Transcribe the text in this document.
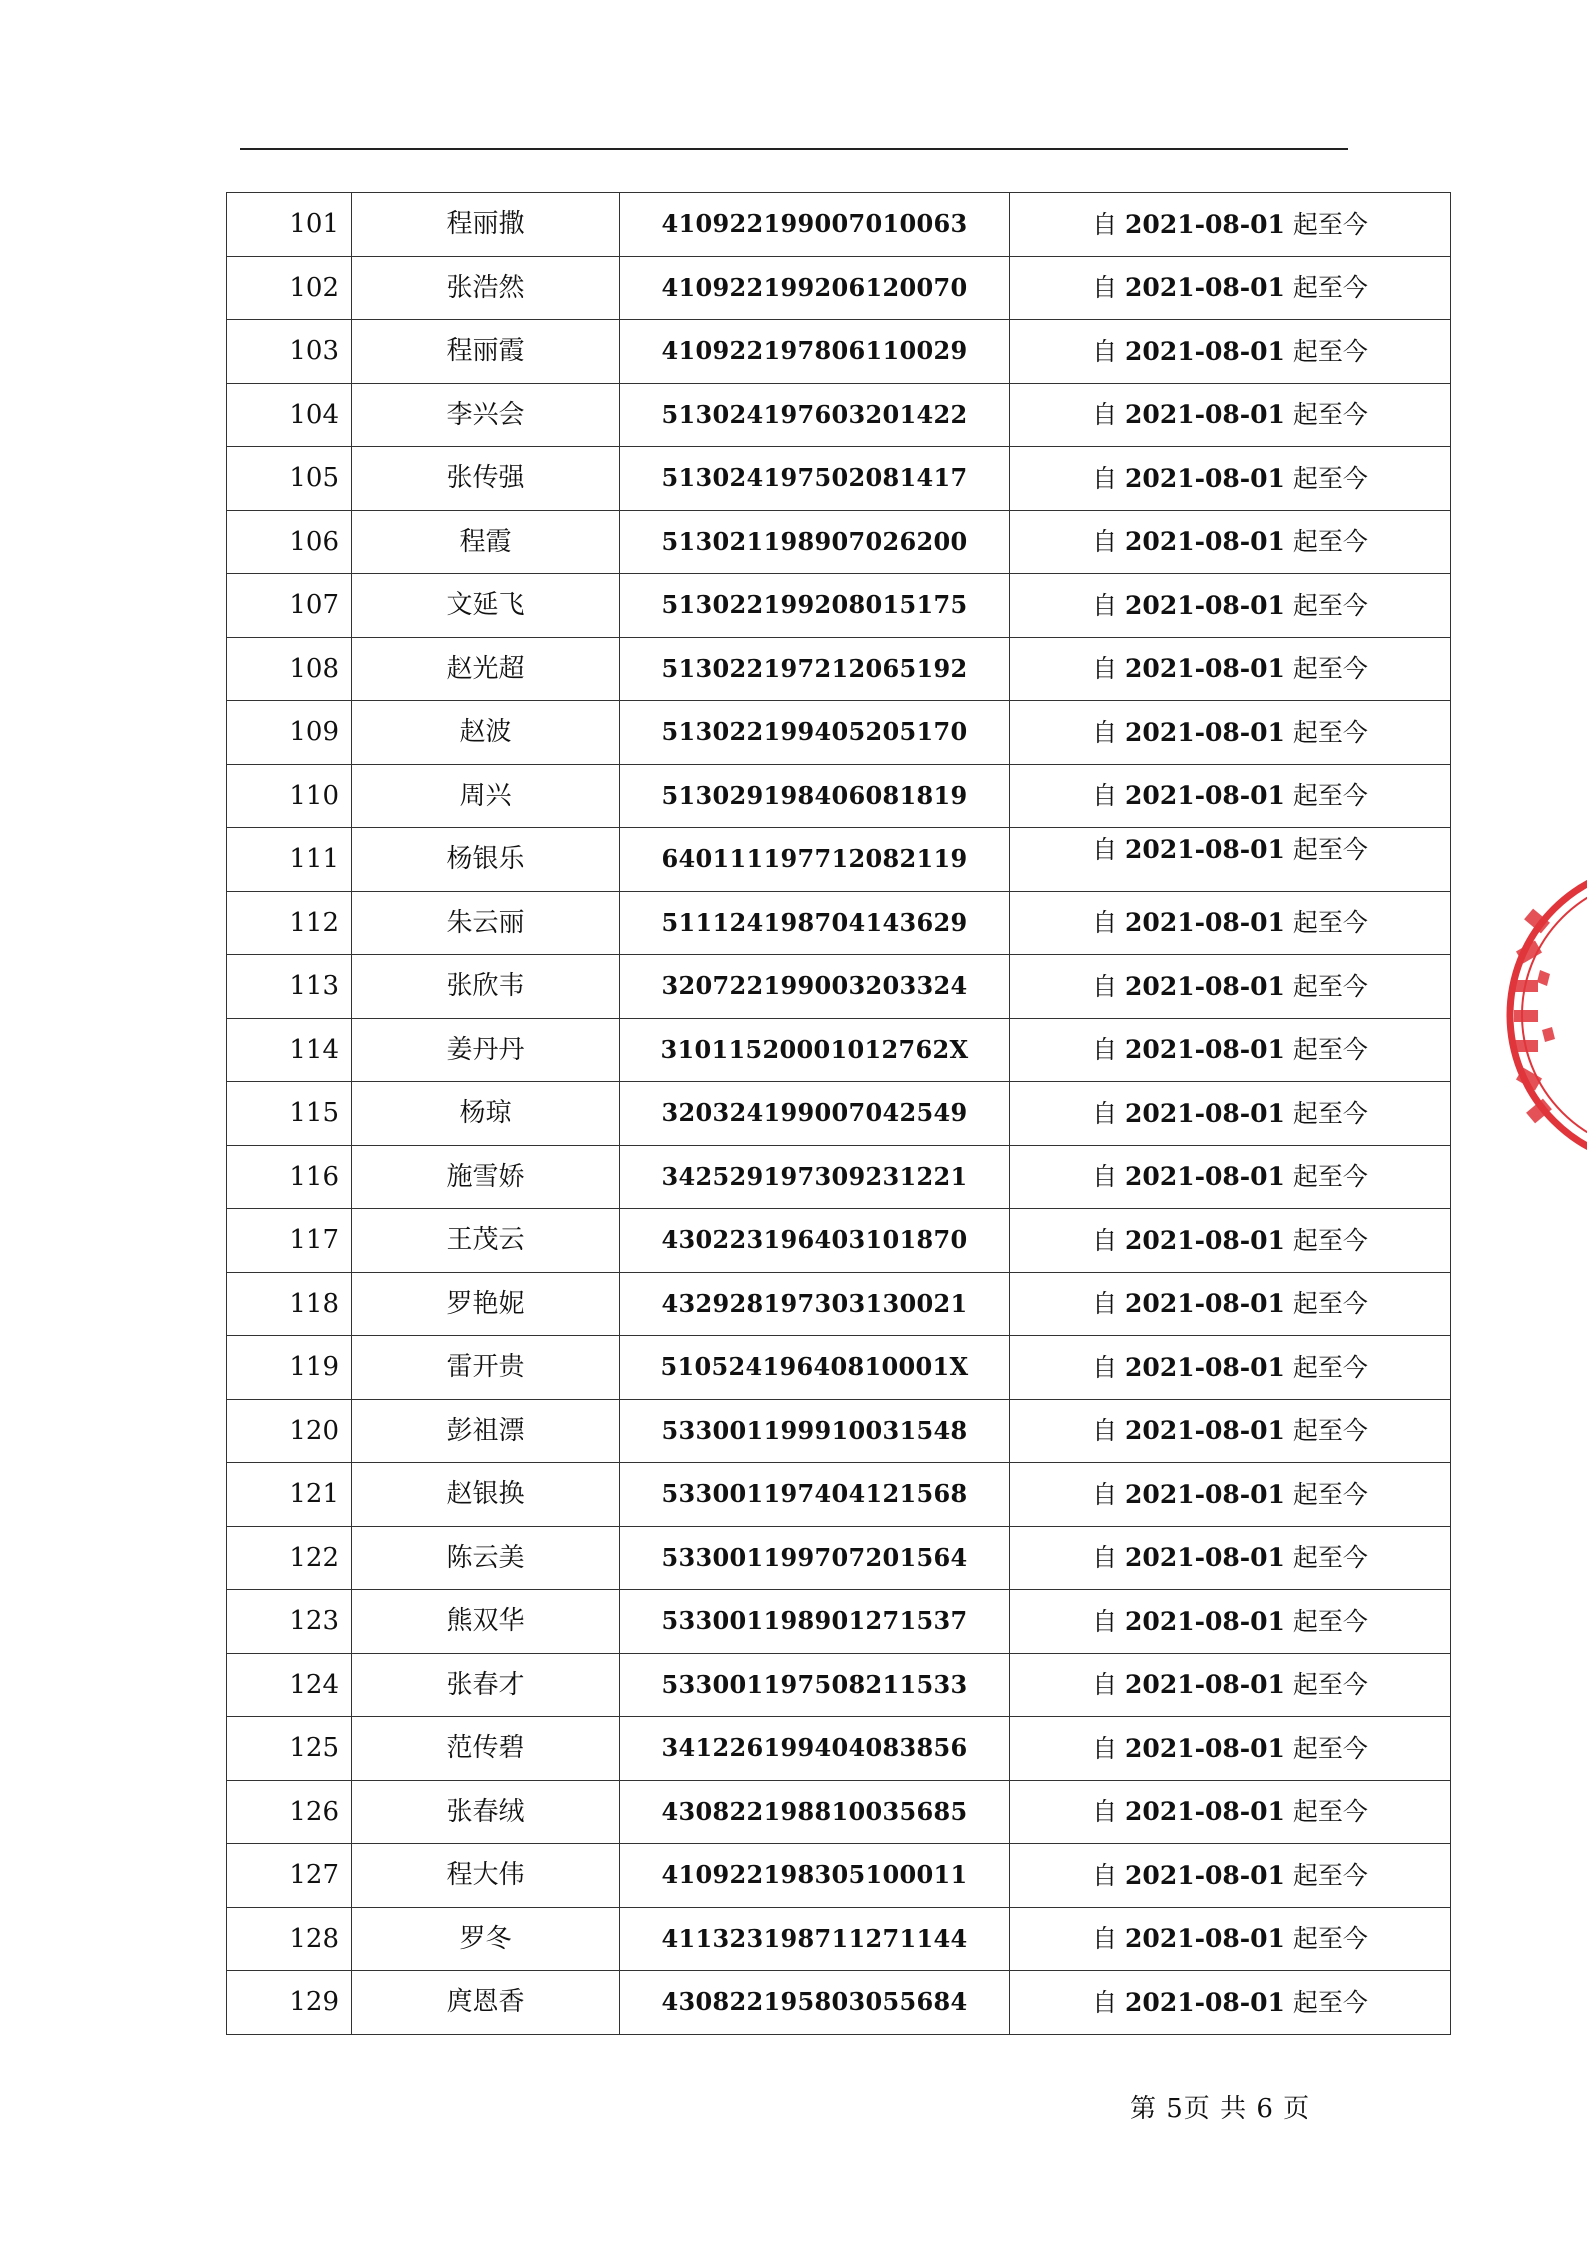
101	程丽撒	410922199007010063	自 2021-08-01 起至今
102	张浩然	410922199206120070	自 2021-08-01 起至今
103	程丽霞	410922197806110029	自 2021-08-01 起至今
104	李兴会	513024197603201422	自 2021-08-01 起至今
105	张传强	513024197502081417	自 2021-08-01 起至今
106	程霞	513021198907026200	自 2021-08-01 起至今
107	文延飞	513022199208015175	自 2021-08-01 起至今
108	赵光超	513022197212065192	自 2021-08-01 起至今
109	赵波	513022199405205170	自 2021-08-01 起至今
110	周兴	513029198406081819	自 2021-08-01 起至今
111	杨银乐	640111197712082119	自 2021-08-01 起至今
112	朱云丽	511124198704143629	自 2021-08-01 起至今
113	张欣韦	320722199003203324	自 2021-08-01 起至今
114	姜丹丹	31011520001012762X	自 2021-08-01 起至今
115	杨琼	320324199007042549	自 2021-08-01 起至今
116	施雪娇	342529197309231221	自 2021-08-01 起至今
117	王茂云	430223196403101870	自 2021-08-01 起至今
118	罗艳妮	432928197303130021	自 2021-08-01 起至今
119	雷开贵	51052419640810001X	自 2021-08-01 起至今
120	彭祖漂	533001199910031548	自 2021-08-01 起至今
121	赵银换	533001197404121568	自 2021-08-01 起至今
122	陈云美	533001199707201564	自 2021-08-01 起至今
123	熊双华	533001198901271537	自 2021-08-01 起至今
124	张春才	533001197508211533	自 2021-08-01 起至今
125	范传碧	341226199404083856	自 2021-08-01 起至今
126	张春绒	430822198810035685	自 2021-08-01 起至今
127	程大伟	410922198305100011	自 2021-08-01 起至今
128	罗冬	411323198711271144	自 2021-08-01 起至今
129	庹恩香	430822195803055684	自 2021-08-01 起至今
第 5页 共 6 页
